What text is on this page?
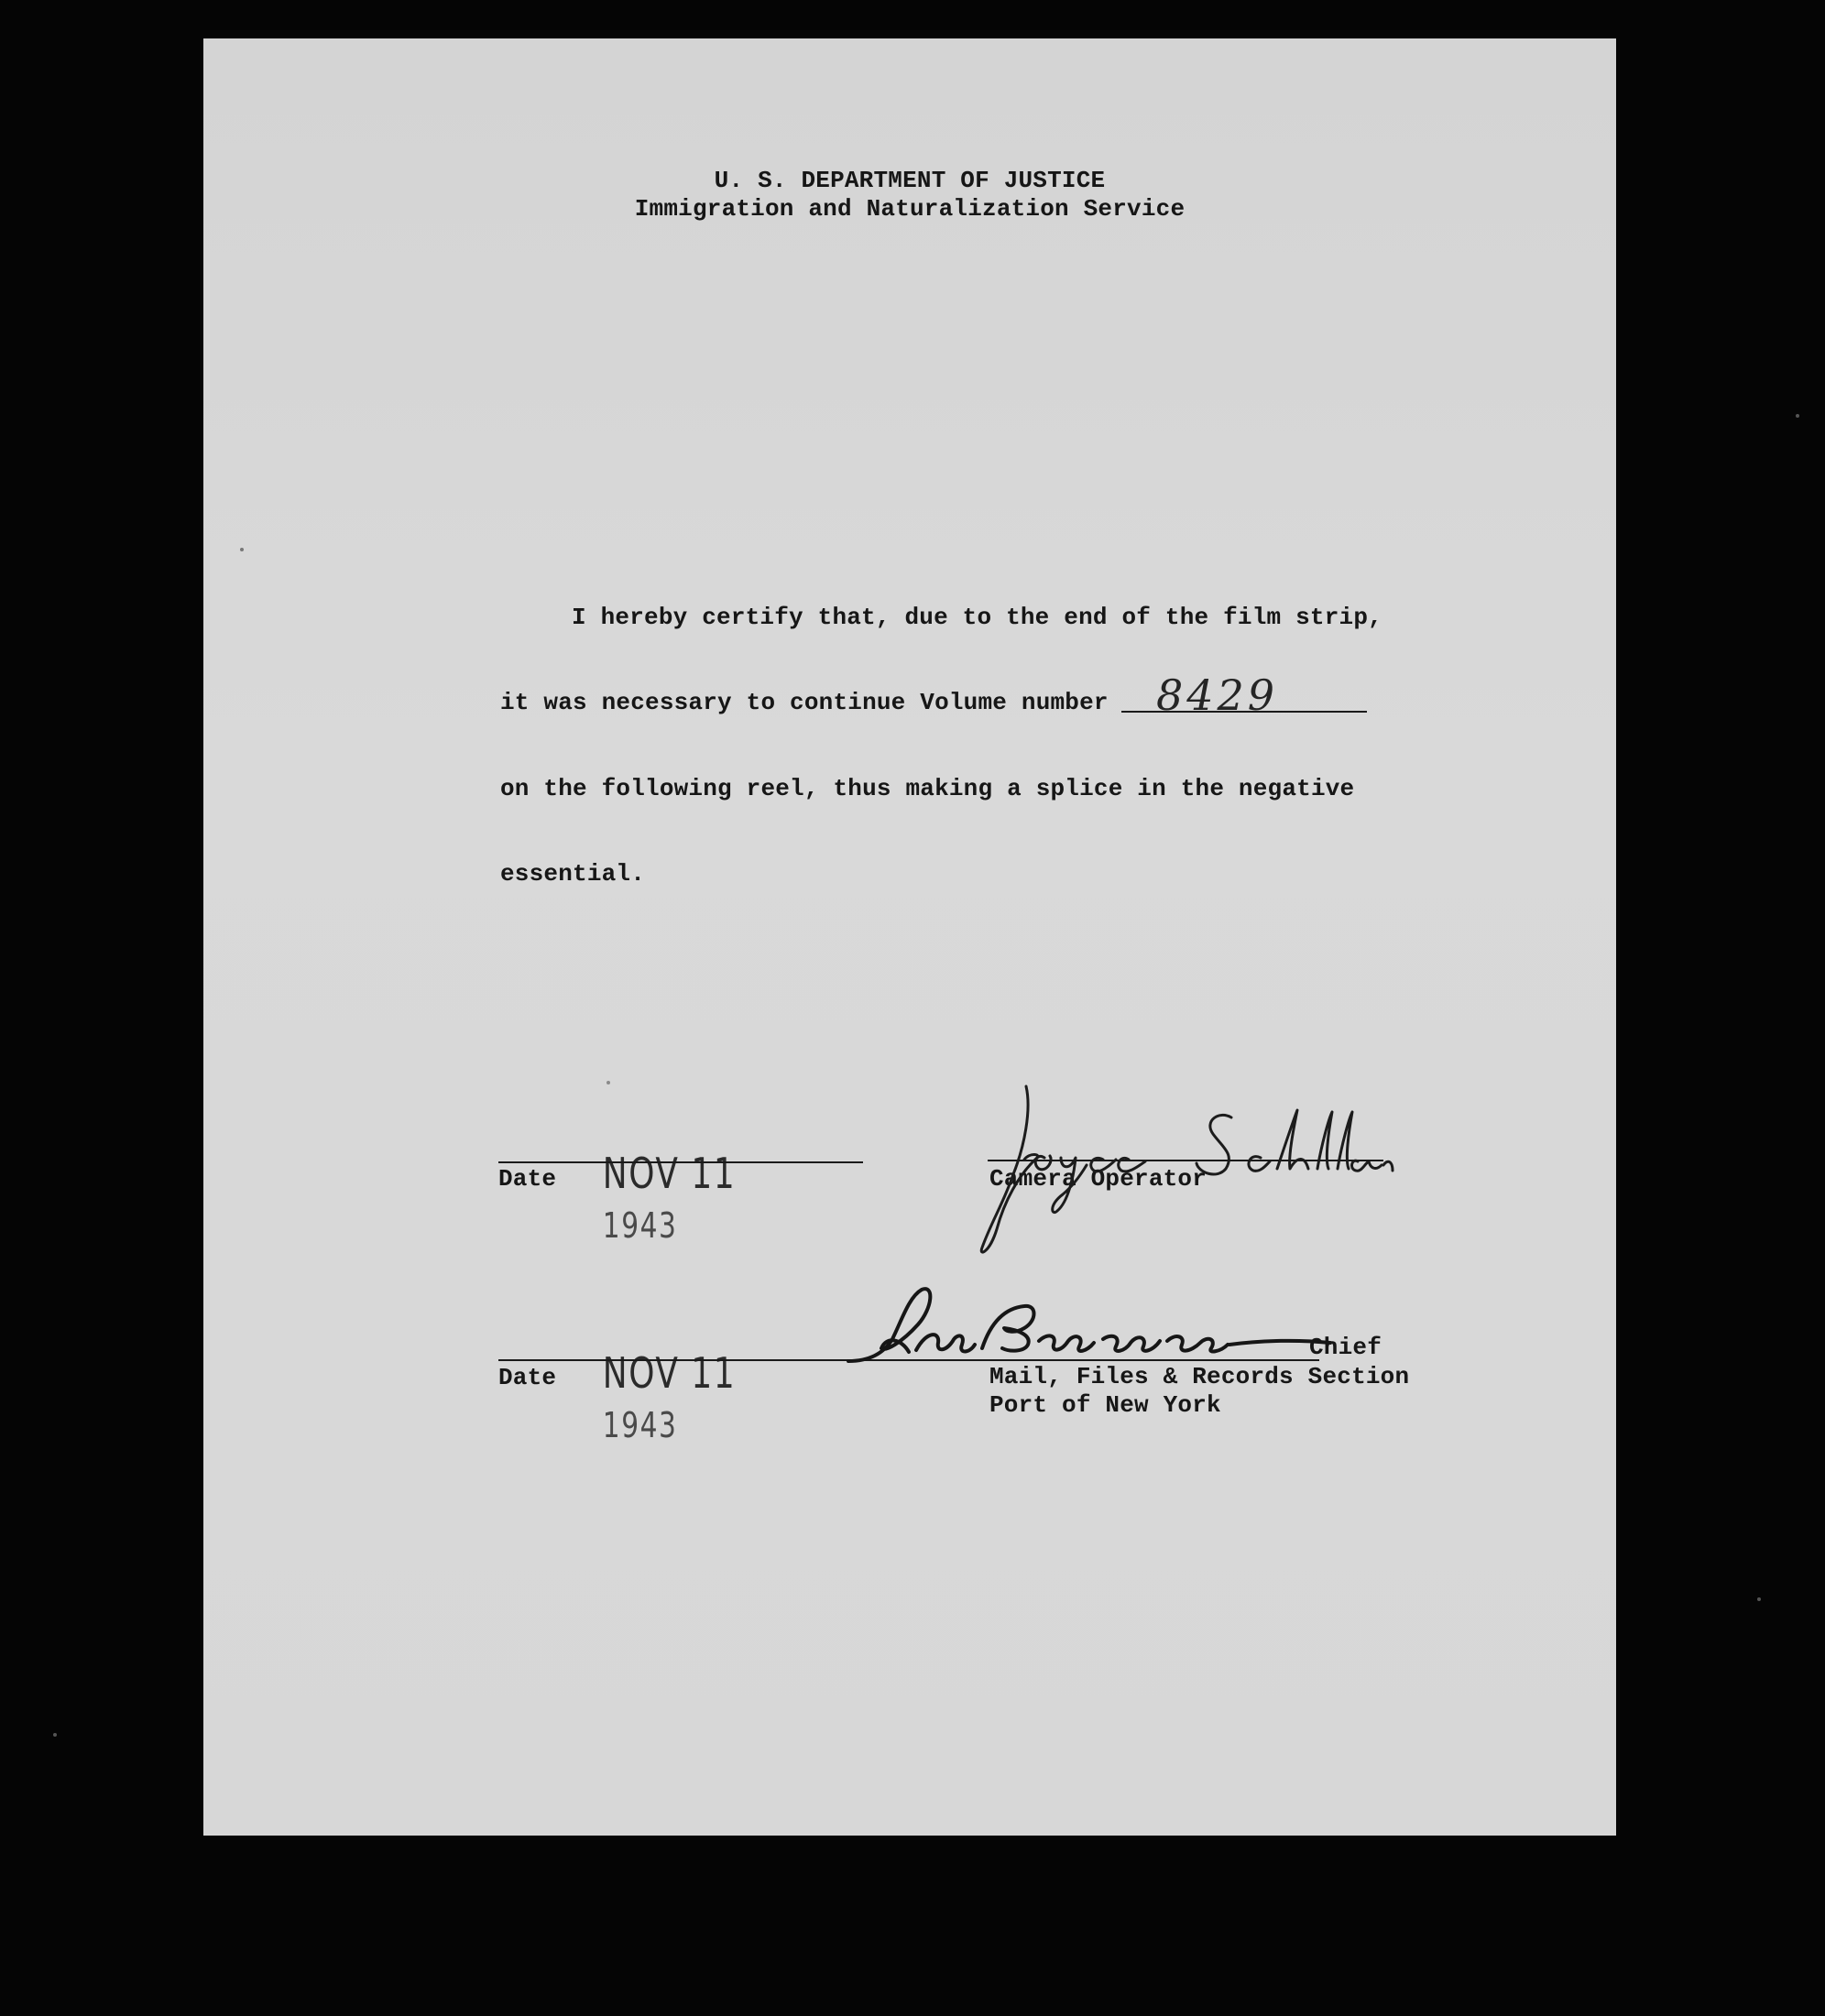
U. S. DEPARTMENT OF JUSTICE
Immigration and Naturalization Service
I hereby certify that, due to the end of the film strip,
it was necessary to continue Volume number 8429
on the following reel, thus making a splice in the negative
essential.

NOV 11
1943

Date	Camera Operator

NOV 11
1943

Date
Chief
Mail, Files & Records Section
Port of New York
